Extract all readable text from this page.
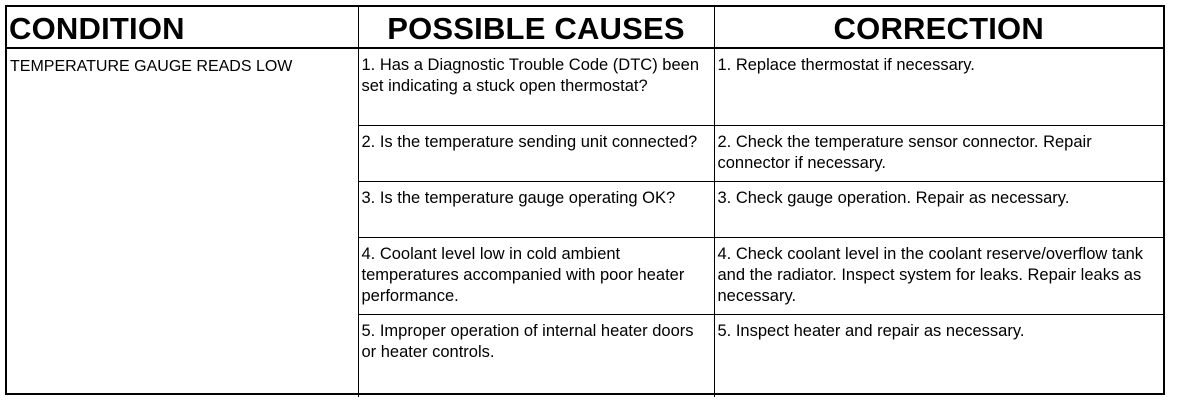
CONDITION	POSSIBLE CAUSES	CORRECTION
TEMPERATURE GAUGE READS LOW	1. Has a Diagnostic Trouble Code (DTC) been set indicating a stuck open thermostat?	1. Replace thermostat if necessary.
	2. Is the temperature sending unit connected?	2. Check the temperature sensor connector. Repair connector if necessary.
	3. Is the temperature gauge operating OK?	3. Check gauge operation. Repair as necessary.
	4. Coolant level low in cold ambient temperatures accompanied with poor heater performance.	4. Check coolant level in the coolant reserve/overflow tank and the radiator. Inspect system for leaks. Repair leaks as necessary.
	5. Improper operation of internal heater doors or heater controls.	5. Inspect heater and repair as necessary.
